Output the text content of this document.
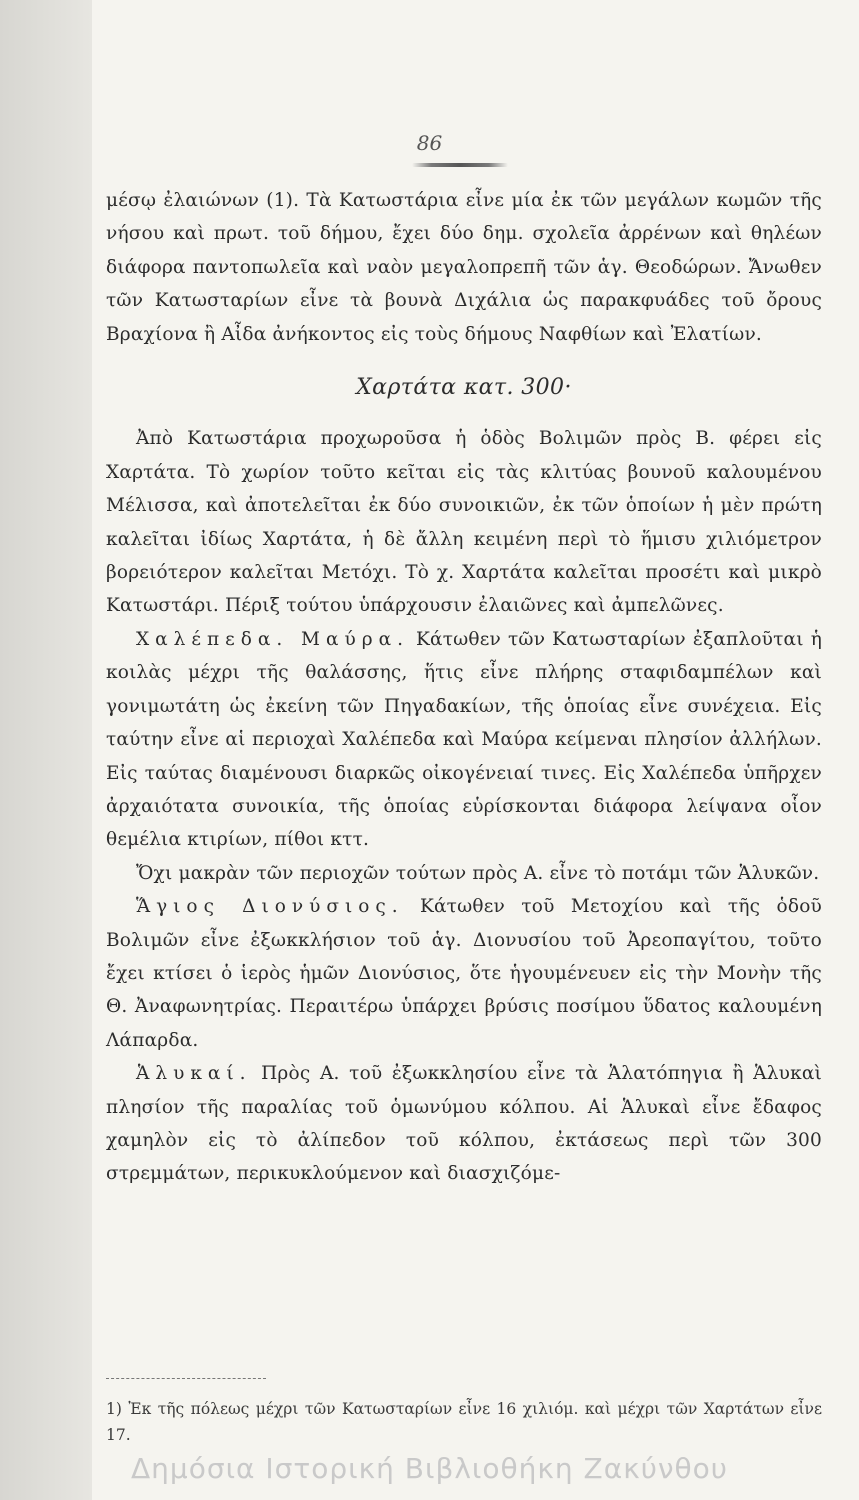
86

μέσῳ ἐλαιώνων (1). Τὰ Κατωστάρια εἶνε μία ἐκ τῶν μεγάλων κωμῶν τῆς νήσου καὶ πρωτ. τοῦ δήμου, ἔχει δύο δημ. σχολεῖα ἀρρένων καὶ θηλέων διάφορα παντοπωλεῖα καὶ ναὸν μεγαλοπρεπῆ τῶν ἁγ. Θεοδώρων. Ἄνωθεν τῶν Κατωσταρίων εἶνε τὰ βουνὰ Διχάλια ὡς παρακφυάδες τοῦ ὄρους Βραχίονα ἢ Αἶδα ἀνήκοντος εἰς τοὺς δήμους Ναφθίων καὶ Ἐλατίων.

Χαρτάτα κατ. 300·

Ἀπὸ Κατωστάρια προχωροῦσα ἡ ὁδὸς Βολιμῶν πρὸς Β. φέρει εἰς Χαρτάτα. Τὸ χωρίον τοῦτο κεῖται εἰς τὰς κλιτύας βουνοῦ καλουμένου Μέλισσα, καὶ ἀποτελεῖται ἐκ δύο συνοικιῶν, ἐκ τῶν ὁποίων ἡ μὲν πρώτη καλεῖται ἰδίως Χαρτάτα, ἡ δὲ ἄλλη κειμένη περὶ τὸ ἥμισυ χιλιόμετρον βορειότερον καλεῖται Μετόχι. Τὸ χ. Χαρτάτα καλεῖται προσέτι καὶ μικρὸ Κατωστάρι. Πέριξ τούτου ὑπάρχουσιν ἐλαιῶνες καὶ ἀμπελῶνες.

Χαλέπεδα. Μαύρα. Κάτωθεν τῶν Κατωσταρίων ἐξαπλοῦται ἡ κοιλὰς μέχρι τῆς θαλάσσης, ἥτις εἶνε πλήρης σταφιδαμπέλων καὶ γονιμωτάτη ὡς ἐκείνη τῶν Πηγαδακίων, τῆς ὁποίας εἶνε συνέχεια. Εἰς ταύτην εἶνε αἱ περιοχαὶ Χαλέπεδα καὶ Μαύρα κείμεναι πλησίον ἀλλήλων. Εἰς ταύτας διαμένουσι διαρκῶς οἰκογένειαί τινες. Εἰς Χαλέπεδα ὑπῆρχεν ἀρχαιότατα συνοικία, τῆς ὁποίας εὑρίσκονται διάφορα λείψανα οἷον θεμέλια κτιρίων, πίθοι κττ.

Ὄχι μακρὰν τῶν περιοχῶν τούτων πρὸς Α. εἶνε τὸ ποτάμι τῶν Ἁλυκῶν.

Ἅγιος Διονύσιος. Κάτωθεν τοῦ Μετοχίου καὶ τῆς ὁδοῦ Βολιμῶν εἶνε ἐξωκκλήσιον τοῦ ἁγ. Διονυσίου τοῦ Ἀρεοπαγίτου, τοῦτο ἔχει κτίσει ὁ ἱερὸς ἡμῶν Διονύσιος, ὅτε ἡγουμένευεν εἰς τὴν Μονὴν τῆς Θ. Ἀναφωνητρίας. Περαιτέρω ὑπάρχει βρύσις ποσίμου ὕδατος καλουμένη Λάπαρδα.

Ἁλυκαί. Πρὸς Α. τοῦ ἐξωκκλησίου εἶνε τὰ Ἁλατόπηγια ἢ Ἁλυκαὶ πλησίον τῆς παραλίας τοῦ ὁμωνύμου κόλπου. Αἱ Ἁλυκαὶ εἶνε ἔδαφος χαμηλὸν εἰς τὸ ἀλίπεδον τοῦ κόλπου, ἐκτάσεως περὶ τῶν 300 στρεμμάτων, περικυκλούμενον καὶ διασχιζόμε-

1) Ἐκ τῆς πόλεως μέχρι τῶν Κατωσταρίων εἶνε 16 χιλιόμ. καὶ μέχρι τῶν Χαρτάτων εἶνε 17.
Δημόσια Ιστορική Βιβλιοθήκη Ζακύνθου
